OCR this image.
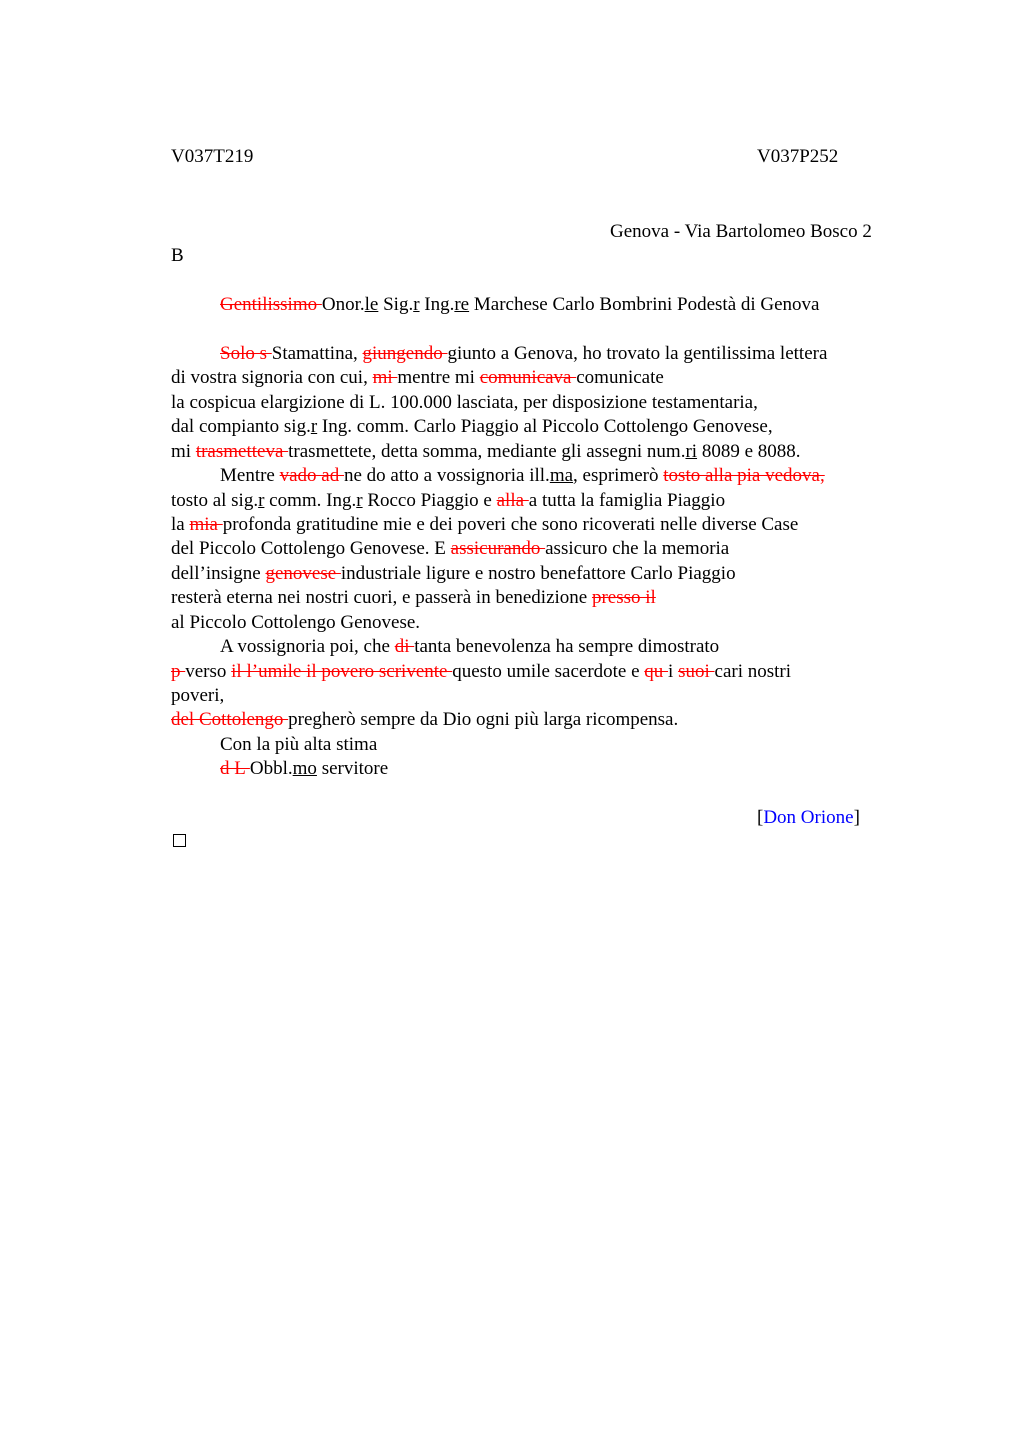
V037T219	V037P252
Genova - Via Bartolomeo Bosco 2
B
Gentilissimo Onor.le Sig.r Ing.re Marchese Carlo Bombrini Podestà di Genova
Solo s Stamattina, giungendo giunto a Genova, ho trovato la gentilissima lettera
di vostra signoria con cui, mi mentre mi comunicava comunicate
la cospicua elargizione di L. 100.000 lasciata, per disposizione testamentaria,
dal compianto sig.r Ing. comm. Carlo Piaggio al Piccolo Cottolengo Genovese,
mi trasmetteva trasmettete, detta somma, mediante gli assegni num.ri 8089 e 8088.
Mentre vado ad ne do atto a vossignoria ill.ma, esprimerò tosto alla pia vedova,
tosto al sig.r comm. Ing.r Rocco Piaggio e alla a tutta la famiglia Piaggio
la mia profonda gratitudine mie e dei poveri che sono ricoverati nelle diverse Case
del Piccolo Cottolengo Genovese. E assicurando assicuro che la memoria
dell’insigne genovese industriale ligure e nostro benefattore Carlo Piaggio
resterà eterna nei nostri cuori, e passerà in benedizione presso il
al Piccolo Cottolengo Genovese.
A vossignoria poi, che di tanta benevolenza ha sempre dimostrato
p verso il l’umile il povero scrivente questo umile sacerdote e qu i suoi cari nostri
poveri,
del Cottolengo pregherò sempre da Dio ogni più larga ricompensa.
Con la più alta stima
d L Obbl.mo servitore
[Don Orione]
